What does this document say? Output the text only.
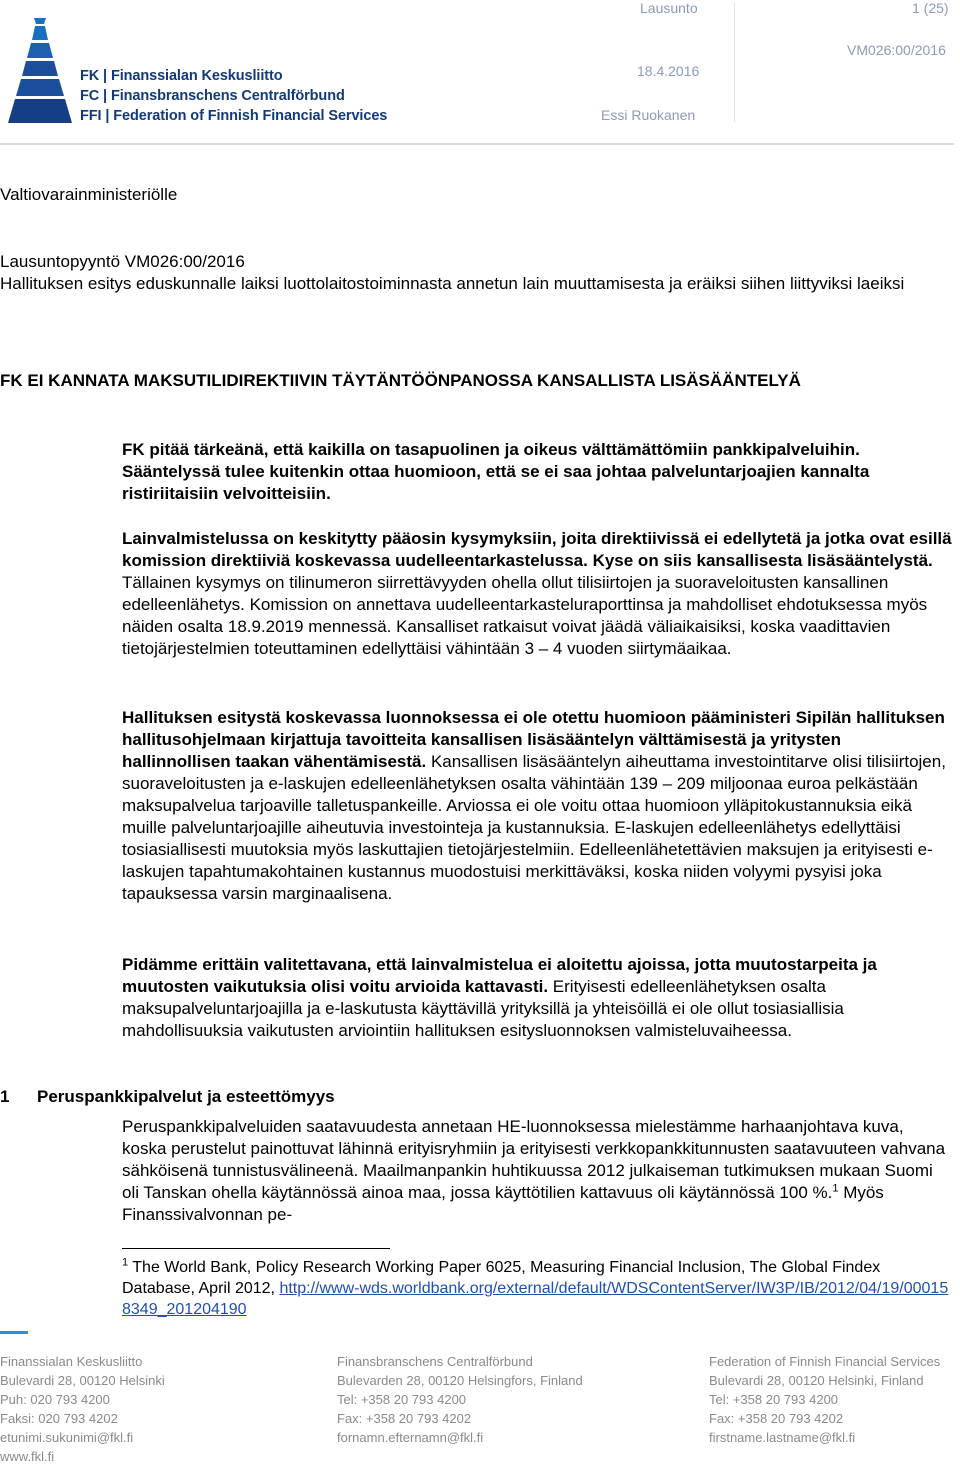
FK | Finanssialan Keskusliitto
FC | Finansbranschens Centralförbund
FFI | Federation of Finnish Financial Services
Lausunto
18.4.2016
Essi Ruokanen
1 (25)
VM026:00/2016
Valtiovarainministeriölle
Lausuntopyyntö VM026:00/2016
Hallituksen esitys eduskunnalle laiksi luottolaitostoiminnasta annetun lain muuttamisesta ja eräiksi siihen liittyviksi laeiksi
FK EI KANNATA MAKSUTILIDIREKTIIVIN TÄYTÄNTÖÖNPANOSSA KANSALLISTA LISÄSÄÄNTELYÄ
FK pitää tärkeänä, että kaikilla on tasapuolinen ja oikeus välttämättömiin pankkipalveluihin. Sääntelyssä tulee kuitenkin ottaa huomioon, että se ei saa johtaa palveluntarjoajien kannalta ristiriitaisiin velvoitteisiin.

Lainvalmistelussa on keskitytty pääosin kysymyksiin, joita direktiivissä ei edellytetä ja jotka ovat esillä komission direktiiviä koskevassa uudelleentarkastelussa. Kyse on siis kansallisesta lisäsääntelystä. Tällainen kysymys on tilinumeron siirrettävyyden ohella ollut tilisiirtojen ja suoraveloitusten kansallinen edelleenlähetys. Komission on annettava uudelleentarkasteluraporttinsa ja mahdolliset ehdotuksessa myös näiden osalta 18.9.2019 mennessä. Kansalliset ratkaisut voivat jäädä väliaikaisiksi, koska vaadittavien tietojärjestelmien toteuttaminen edellyttäisi vähintään 3 – 4 vuoden siirtymäaikaa.

Hallituksen esitystä koskevassa luonnoksessa ei ole otettu huomioon pääministeri Sipilän hallituksen hallitusohjelmaan kirjattuja tavoitteita kansallisen lisäsääntelyn välttämisestä ja yritysten hallinnollisen taakan vähentämisestä. Kansallisen lisäsääntelyn aiheuttama investointitarve olisi tilisiirtojen, suoraveloitusten ja e-laskujen edelleenlähetyksen osalta vähintään 139 – 209 miljoonaa euroa pelkästään maksupalvelua tarjoaville talletuspankeille. Arviossa ei ole voitu ottaa huomioon ylläpitokustannuksia eikä muille palveluntarjoajille aiheutuvia investointeja ja kustannuksia. E-laskujen edelleenlähetys edellyttäisi tosiasiallisesti muutoksia myös laskuttajien tietojärjestelmiin. Edelleenlähetettävien maksujen ja erityisesti e-laskujen tapahtumakohtainen kustannus muodostuisi merkittäväksi, koska niiden volyymi pysyisi joka tapauksessa varsin marginaalisena.

Pidämme erittäin valitettavana, että lainvalmistelua ei aloitettu ajoissa, jotta muutostarpeita ja muutosten vaikutuksia olisi voitu arvioida kattavasti. Erityisesti edelleenlähetyksen osalta maksupalveluntarjoajilla ja e-laskutusta käyttävillä yrityksillä ja yhteisöillä ei ole ollut tosiasiallisia mahdollisuuksia vaikutusten arviointiin hallituksen esitysluonnoksen valmisteluvaiheessa.

1 Peruspankkipalvelut ja esteettömyys

Peruspankkipalveluiden saatavuudesta annetaan HE-luonnoksessa mielestämme harhaanjohtava kuva, koska perustelut painottuvat lähinnä erityisryhmiin ja erityisesti verkkopankkitunnusten saatavuuteen vahvana sähköisenä tunnistusvälineenä. Maailmanpankin huhtikuussa 2012 julkaiseman tutkimuksen mukaan Suomi oli Tanskan ohella käytännössä ainoa maa, jossa käyttötilien kattavuus oli käytännössä 100 %.$^1$ Myös Finanssivalvonnan pe-

$^1$ The World Bank, Policy Research Working Paper 6025, Measuring Financial Inclusion, The Global Findex Database, April 2012, http://www-wds.worldbank.org/external/default/WDSContentServer/IW3P/IB/2012/04/19/000158349_201204190
Finanssialan Keskusliitto
Bulevardi 28, 00120 Helsinki
Puh: 020 793 4200
Faksi: 020 793 4202
etunimi.sukunimi@fkl.fi
www.fkl.fi
Finansbranschens Centralförbund
Bulevarden 28, 00120 Helsingfors, Finland
Tel: +358 20 793 4200
Fax: +358 20 793 4202
fornamn.efternamn@fkl.fi
Federation of Finnish Financial Services
Bulevardi 28, 00120 Helsinki, Finland
Tel: +358 20 793 4200
Fax: +358 20 793 4202
firstname.lastname@fkl.fi
